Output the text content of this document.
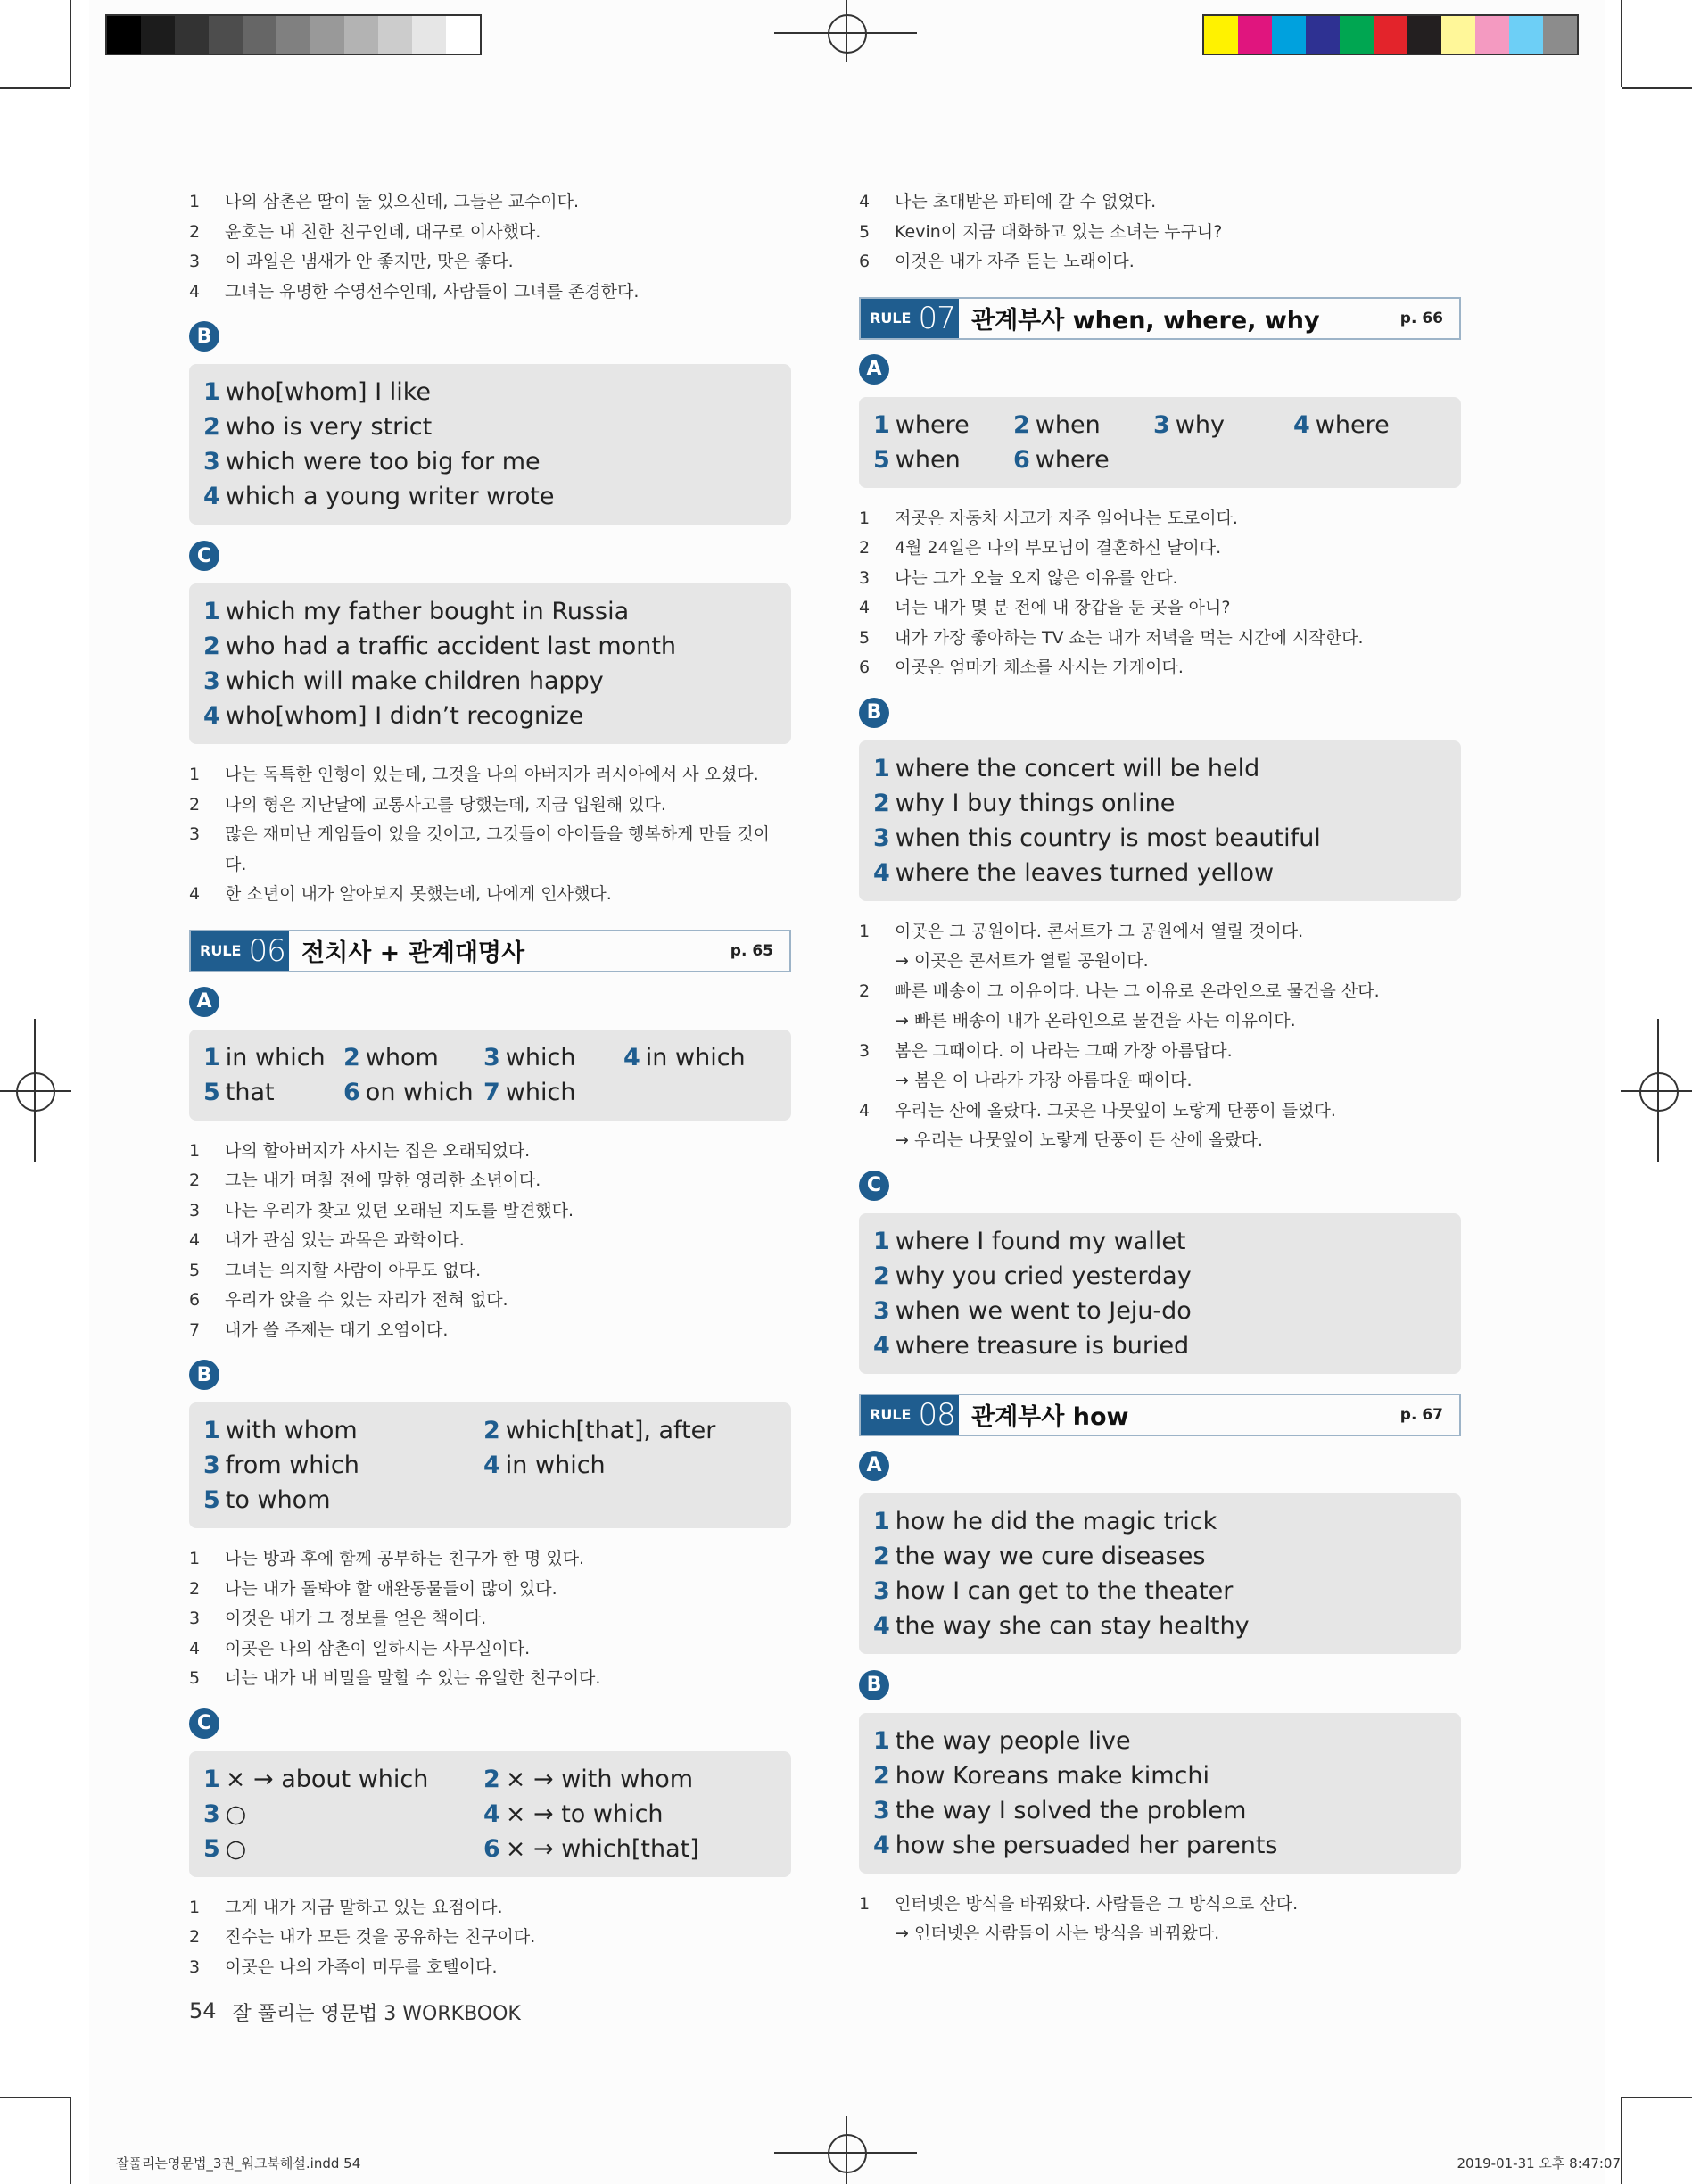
1	나의 삼촌은 딸이 둘 있으신데, 그들은 교수이다.
2	윤호는 내 친한 친구인데, 대구로 이사했다.
3	이 과일은 냄새가 안 좋지만, 맛은 좋다.
4	그녀는 유명한 수영선수인데, 사람들이 그녀를 존경한다.
B
1 who[whom] I like
2 who is very strict
3 which were too big for me
4 which a young writer wrote
C
1 which my father bought in Russia
2 who had a traffic accident last month
3 which will make children happy
4 who[whom] I didn’t recognize
1	나는 독특한 인형이 있는데, 그것을 나의 아버지가 러시아에서 사 오셨다.
2	나의 형은 지난달에 교통사고를 당했는데, 지금 입원해 있다.
3	많은 재미난 게임들이 있을 것이고, 그것들이 아이들을 행복하게 만들 것이다.
4	한 소년이 내가 알아보지 못했는데, 나에게 인사했다.
RULE 06 전치사 + 관계대명사	p. 65
A
1 in which 2 whom	3 which	4 in which
5 that	6 on which 7 which
1	나의 할아버지가 사시는 집은 오래되었다.
2	그는 내가 며칠 전에 말한 영리한 소년이다.
3	나는 우리가 찾고 있던 오래된 지도를 발견했다.
4	내가 관심 있는 과목은 과학이다.
5	그녀는 의지할 사람이 아무도 없다.
6	우리가 앉을 수 있는 자리가 전혀 없다.
7	내가 쓸 주제는 대기 오염이다.
B
1 with whom	2 which[that], after
3 from which	4 in which
5 to whom
1	나는 방과 후에 함께 공부하는 친구가 한 명 있다.
2	나는 내가 돌봐야 할 애완동물들이 많이 있다.
3	이것은 내가 그 정보를 얻은 책이다.
4	이곳은 나의 삼촌이 일하시는 사무실이다.
5	너는 내가 내 비밀을 말할 수 있는 유일한 친구이다.
C
1 × → about which	2 × → with whom
3 ○	4 × → to which
5 ○	6 × → which[that]
1	그게 내가 지금 말하고 있는 요점이다.
2	진수는 내가 모든 것을 공유하는 친구이다.
3	이곳은 나의 가족이 머무를 호텔이다.
4	나는 초대받은 파티에 갈 수 없었다.
5	Kevin이 지금 대화하고 있는 소녀는 누구니?
6	이것은 내가 자주 듣는 노래이다.
RULE 07 관계부사 when, where, why	p. 66
A
1 where	2 when	3 why	4 where
5 when	6 where
1	저곳은 자동차 사고가 자주 일어나는 도로이다.
2	4월 24일은 나의 부모님이 결혼하신 날이다.
3	나는 그가 오늘 오지 않은 이유를 안다.
4	너는 내가 몇 분 전에 내 장갑을 둔 곳을 아니?
5	내가 가장 좋아하는 TV 쇼는 내가 저녁을 먹는 시간에 시작한다.
6	이곳은 엄마가 채소를 사시는 가게이다.
B
1 where the concert will be held
2 why I buy things online
3 when this country is most beautiful
4 where the leaves turned yellow
1	이곳은 그 공원이다. 콘서트가 그 공원에서 열릴 것이다.
→ 이곳은 콘서트가 열릴 공원이다.
2	빠른 배송이 그 이유이다. 나는 그 이유로 온라인으로 물건을 산다.
→ 빠른 배송이 내가 온라인으로 물건을 사는 이유이다.
3	봄은 그때이다. 이 나라는 그때 가장 아름답다.
→ 봄은 이 나라가 가장 아름다운 때이다.
4	우리는 산에 올랐다. 그곳은 나뭇잎이 노랗게 단풍이 들었다.
→ 우리는 나뭇잎이 노랗게 단풍이 든 산에 올랐다.
C
1 where I found my wallet
2 why you cried yesterday
3 when we went to Jeju-do
4 where treasure is buried
RULE 08 관계부사 how	p. 67
A
1 how he did the magic trick
2 the way we cure diseases
3 how I can get to the theater
4 the way she can stay healthy
B
1 the way people live
2 how Koreans make kimchi
3 the way I solved the problem
4 how she persuaded her parents
1	인터넷은 방식을 바꿔왔다. 사람들은 그 방식으로 산다.
→ 인터넷은 사람들이 사는 방식을 바꿔왔다.
54 잘 풀리는 영문법 3 WORKBOOK
잘풀리는영문법_3권_워크북해설.indd 54	2019-01-31 오후 8:47:07
